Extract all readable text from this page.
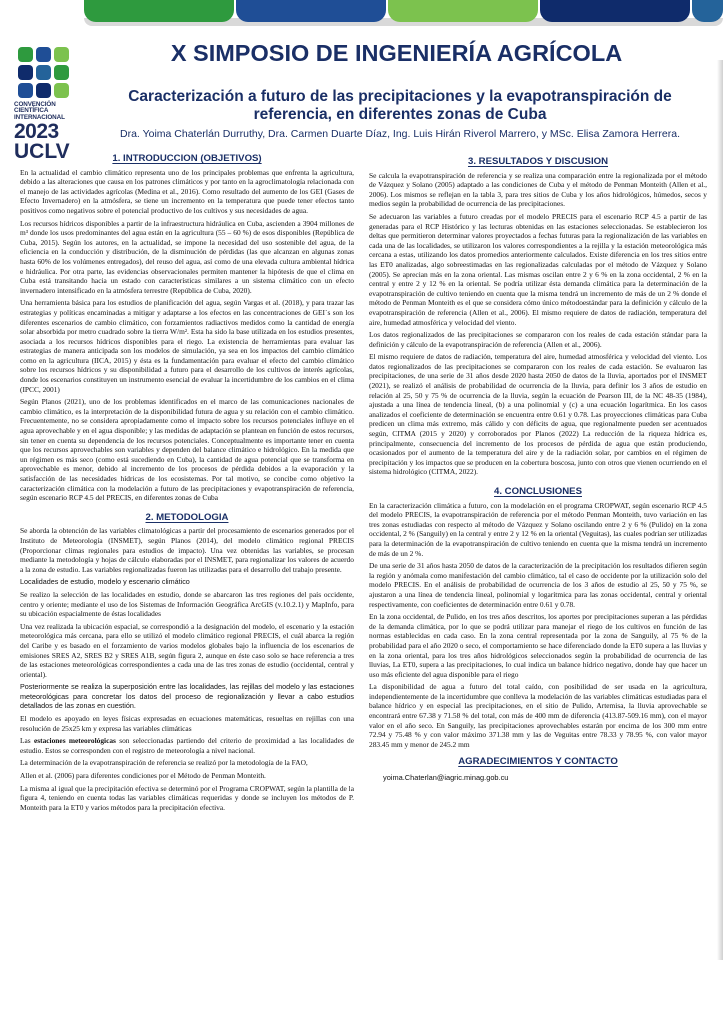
CONVENCIÓN
CIENTÍFICA
INTERNACIONAL
2023
UCLV
X SIMPOSIO DE INGENIERÍA AGRÍCOLA
Caracterización a futuro de las precipitaciones y la evapotranspiración de referencia, en diferentes zonas de Cuba
Dra. Yoima Chaterlán Durruthy, Dra. Carmen Duarte Díaz, Ing. Luis Hirán Riverol Marrero, y MSc. Elisa Zamora Herrera.
1. INTRODUCCION (OBJETIVOS)

En la actualidad el cambio climático representa uno de los principales problemas que enfrenta la agricultura, debido a las alteraciones que causa en los patrones climáticos y por tanto en la agroclimatología relacionada con el manejo de las actividades agrícolas (Medina et al., 2016). Como resultado del aumento de los GEI (Gases de Efecto Invernadero) en la atmósfera, se tiene un incremento en la temperatura que puede tener efectos tanto positivos como negativos sobre el potencial productivo de los cultivos y sus necesidades de agua.

Los recursos hídricos disponibles a partir de la infraestructura hidráulica en Cuba, ascienden a 3904 millones de m³ donde los usos predominantes del agua están en la agricultura (55 – 60 %) de esos disponibles (República de Cuba, 2015). Según los autores, en la actualidad, se impone la necesidad del uso sostenible del agua, de la eficiencia en la conducción y distribución, de la disminución de pérdidas (las que alcanzan en algunas zonas hasta 60% de los volúmenes entregados), del reuso del agua, así como de una elevada cultura ambiental hídrica e hidráulica. Por otra parte, las evidencias observacionales permiten mantener la hipótesis de que el clima en Cuba está transitando hacia un estado con características similares a un sistema climático con un efecto invernadero intensificado en la atmósfera terrestre (República de Cuba, 2020).

Una herramienta básica para los estudios de planificación del agua, según Vargas et al. (2018), y para trazar las estrategias y políticas encaminadas a mitigar y adaptarse a los efectos en las concentraciones de GEI´s son los diferentes escenarios de cambio climático, con forzamientos radiactivos medidos como la cantidad de energía solar absorbida por metro cuadrado sobre la tierra W/m². Esta ha sido la base utilizada en los estudios presentes, asociada a los recursos hídricos disponibles para el riego. La existencia de herramientas para evaluar las estrategias de manera anticipada son los modelos de simulación, ya sea en los impactos del cambio climático como en la agricultura (IICA, 2015) y ésta es la fundamentación para evaluar el efecto del cambio climático sobre los recursos hídricos y su disponibilidad a futuro para el desarrollo de los cultivos de interés agrícolas, donde los escenarios constituyen un instrumento esencial de evaluar la incertidumbre de los cambios en el clima (IPCC, 2001)

Según Planos (2021), uno de los problemas identificados en el marco de las comunicaciones nacionales de cambio climático, es la interpretación de la disponibilidad futura de agua y su relación con el cambio climático. Frecuentemente, no se considera apropiadamente como el impacto sobre los recursos potenciales influye en el agua aprovechable y en el agua disponible; y las medidas de adaptación se plantean en función de estos recursos, sin tener en cuenta su dependencia de los recursos potenciales. Conceptualmente es importante tener en cuenta que los recursos aprovechables son variables y dependen del balance climático e hidrológico. En la medida que un régimen es más seco (como está sucediendo en Cuba), la cantidad de agua potencial que se transforma en aprovechable es menor, debido al incremento de los procesos de pérdida debidos a la evaporación y la satisfacción de las necesidades hídricas de los ecosistemas. Por tal motivo, se concibe como objetivo la caracterización climática con la modelación a futuro de las precipitaciones y evapotranspiración de referencia, según escenario RCP 4.5 del PRECIS, en diferentes zonas de Cuba

2. METODOLOGIA

Se aborda la obtención de las variables climatológicas a partir del procesamiento de escenarios generados por el Instituto de Meteorología (INSMET), según Planos (2014), del modelo climático regional PRECIS (Proporcionar climas regionales para estudios de impacto). Una vez obtenidas las variables, se procesan mediante la metodología y hojas de cálculo elaboradas por el INSMET, para regionalizar los valores de acuerdo a la zona de estudio. Las variables regionalizadas fueron las utilizadas para el desarrollo del trabajo presente.

Localidades de estudio, modelo y escenario climático

Se realizo la selección de las localidades en estudio, donde se abarcaron las tres regiones del país occidente, centro y oriente; mediante el uso de los Sistemas de Información Geográfica ArcGIS (v.10.2.1) y MapInfo, para su ubicación espacialmente de éstas localidades

Una vez realizada la ubicación espacial, se correspondió a la designación del modelo, el escenario y la estación meteorológica más cercana, para ello se utilizó el modelo climático regional PRECIS, el cuál abarca la región del Caribe y es basado en el forzamiento de varios modelos globales bajo la influencia de los escenarios de emisiones SRES A2, SRES B2 y SRES A1B, según figura 2, aunque en éste caso solo se hace referencia a tres de las estaciones meteorológicas correspondientes a cada una de las tres zonas de estudio (occidental, central y oriental).

Posteriormente se realiza la superposición entre las localidades, las rejillas del modelo y las estaciones meteorológicas para concretar los datos del proceso de regionalización y llevar a cabo estudios detallados de las zonas en cuestión.

El modelo es apoyado en leyes físicas expresadas en ecuaciones matemáticas, resueltas en rejillas con una resolución de 25x25 km y expresa las variables climáticas

Las estaciones meteorológicas son seleccionadas partiendo del criterio de proximidad a las localidades de estudio. Estos se corresponden con el registro de meteorología a nivel nacional.

La determinación de la evapotranspiración de referencia se realizó por la metodología de la FAO,

Allen et al. (2006) para diferentes condiciones por el Método de Penman Monteith.

La misma al igual que la precipitación efectiva se determinó por el Programa CROPWAT, según la plantilla de la figura 4, teniendo en cuenta todas las variables climáticas requeridas y donde se incluyen los métodos de P. Monteith para la ET0 y varios métodos para la precipitación efectiva.

3. RESULTADOS Y DISCUSION

Se calcula la evapotranspiración de referencia y se realiza una comparación entre la regionalizada por el método de Vázquez y Solano (2005) adaptado a las condiciones de Cuba y el método de Penman Monteith (Allen et al., 2006). Los mismos se reflejan en la tabla 3, para tres sitios de Cuba y los años hidrológicos, húmedos, secos y medios según la probabilidad de ocurrencia de las precipitaciones.

Se adecuaron las variables a futuro creadas por el modelo PRECIS para el escenario RCP 4.5 a partir de las generadas para el RCP Histórico y las lecturas obtenidas en las estaciones seleccionadas. Se establecieron los deltas que permitieron determinar valores proyectados a fechas futuras para la regionalización de las variables en cada una de las localidades, se utilizaron los valores correspondientes a la rejilla y la estación meteorológica más cercana a estas, utilizando los datos promedios anteriormente calculados. Existe diferencia en los tres sitios entre las ET0 analizadas, algo sobreestimadas en las regionalizadas calculadas por el método de Vázquez y Solano (2005). Se aprecian más en la zona oriental. Las mismas oscilan entre 2 y 6 % en la zona occidental, 2 % en la central y entre 2 y 12 % en la oriental. Se podría utilizar ésta demanda climática para la determinación de la evapotranspiración de cultivo teniendo en cuenta que la misma tendrá un incremento de más de un 2 % donde el método de Penman Monteith es el que se considera cómo único métodoestándar para la definición y cálculo de la evapotranspiración de referencia (Allen et al., 2006). El mismo requiere de datos de radiación, temperatura del aire, humedad atmosférica y velocidad del viento.

Los datos regionalizados de las precipitaciones se compararon con los reales de cada estación stándar para la definición y cálculo de la evapotranspiración de referencia (Allen et al., 2006).

El mismo requiere de datos de radiación, temperatura del aire, humedad atmosférica y velocidad del viento. Los datos regionalizados de las precipitaciones se compararon con los reales de cada estación. Se evaluaron las precipitaciones, de una serie de 31 años desde 2020 hasta 2050 de datos de la lluvia, aportados por el INSMET (2021), se realizó el análisis de probabilidad de ocurrencia de la lluvia, para definir los 3 años de estudio en relación al 25, 50 y 75 % de ocurrencia de la lluvia, según la ecuación de Pearson III, de la NC 48-35 (1984), ajustada a una línea de tendencia lineal, (b) a una polinomial y (c) a una ecuación logarítmica. En los casos analizados el coeficiente de determinación se encuentra entre 0.61 y 0.78. Las proyecciones climáticas para Cuba predicen un clima más extremo, más cálido y con déficits de agua, que regionalmente pueden ser acentuados según, CITMA (2015 y 2020) y corroborados por Planos (2022) La reducción de la riqueza hídrica es, principalmente, consecuencia del incremento de los procesos de pérdida de agua que están produciendo, ocasionados por el aumento de la temperatura del aire y de la radiación solar, por cambios en el régimen de precipitación y los impactos que se producen en la cobertura boscosa, junto con otros que vienen ocurriendo en el sistema hidrológico (CITMA, 2022).

4. CONCLUSIONES

En la caracterización climática a futuro, con la modelación en el programa CROPWAT, según escenario RCP 4.5 del modelo PRECIS, la evapotranspiración de referencia por el método Penman Monteith, tuvo variación en las tres zonas estudiadas con respecto al método de Vázquez y Solano oscilando entre 2 y 6 % (Pulido) en la zona occidental, 2 % (Sanguily) en la central y entre 2 y 12 % en la oriental (Veguitas), las cuales podrían ser utilizadas para la determinación de la evapotranspiración de cultivo teniendo en cuenta que la misma tendrá un incremento de más de un 2 %.

De una serie de 31 años hasta 2050 de datos de la caracterización de la precipitación los resultados difieren según la región y anómala como manifestación del cambio climático, tal el caso de occidente por la utilización solo del modelo PRECIS. En el análisis de probabilidad de ocurrencia de los 3 años de estudio al 25, 50 y 75 %, se ajustaron a una línea de tendencia lineal, polinomial y logarítmica para las zonas occidental, central y oriental respectivamente, con coeficientes de determinación entre 0.61 y 0.78.

En la zona occidental, de Pulido, en los tres años descritos, los aportes por precipitaciones superan a las pérdidas de la demanda climática, por lo que se podrá utilizar para manejar el riego de los cultivos en función de las normas establecidas en cada caso. En la zona central representada por la zona de Sanguily, al 75 % de la probabilidad para el año 2020 o seco, el comportamiento se hace diferenciado donde la ET0 supera a las lluvias y en la zona oriental, para los tres años hidrológicos seleccionados según la probabilidad de ocurrencia de las lluvias, La ET0, supera a las precipitaciones, lo cual indica un balance hídrico negativo, donde hay que hacer un uso más eficiente del agua disponible para el riego

La disponibilidad de agua a futuro del total caído, con posibilidad de ser usada en la agricultura, independientemente de la incertidumbre que conlleva la modelación de las variables climáticas estudiadas para el balance hídrico y en especial las precipitaciones, en el sitio de Pulido, Artemisa, la lluvia aprovechable se encontrará entre 67.38 y 71.58 % del total, con más de 400 mm de diferencia (413.87-509.16 mm), con el mayor valor en el año seco. En Sanguily, las precipitaciones aprovechables estarán por encima de los 300 mm entre 72.94 y 75.48 % y con valor máximo 371.38 mm y las de Veguitas entre 78.33 y 78.95 %, con valor mayor 283.45 mm y menor de 245.2 mm

AGRADECIMIENTOS Y CONTACTO
yoima.Chaterlan@iagric.minag.gob.cu
